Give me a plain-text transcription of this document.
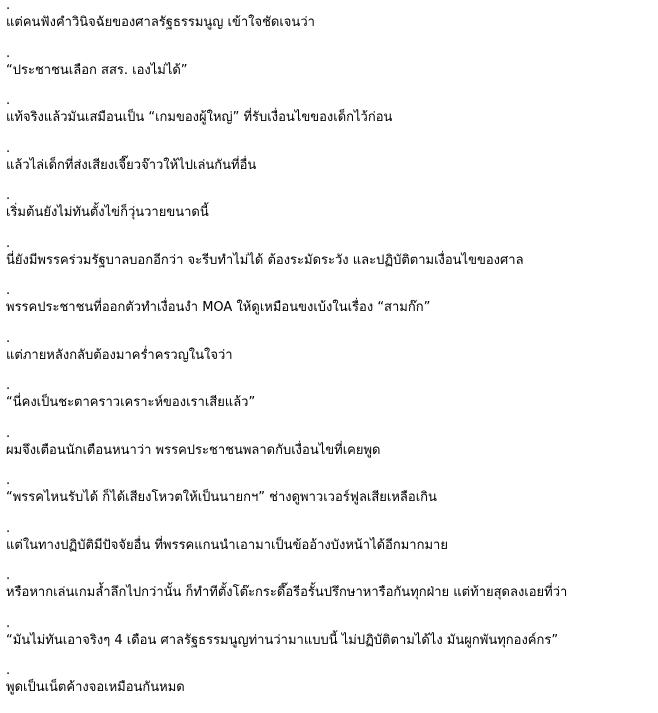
.
แต่คนฟังคำวินิจฉัยของศาลรัฐธรรมนูญ เข้าใจชัดเจนว่า
.
“ประชาชนเลือก สสร. เองไม่ได้”
.
แท้จริงแล้วมันเสมือนเป็น “เกมของผู้ใหญ่” ที่รับเงื่อนไขของเด็กไว้ก่อน
.
แล้วไล่เด็กที่ส่งเสียงเจี๊ยวจ๊าวให้ไปเล่นกันที่อื่น
.
เริ่มต้นยังไม่ทันตั้งไข่ก็วุ่นวายขนาดนี้
.
นี่ยังมีพรรคร่วมรัฐบาลบอกอีกว่า จะรีบทำไม่ได้ ต้องระมัดระวัง และปฏิบัติตามเงื่อนไขของศาล
.
พรรคประชาชนที่ออกตัวทำเงื่อนงำ MOA ให้ดูเหมือนขงเบ้งในเรื่อง “สามก๊ก”
.
แต่ภายหลังกลับต้องมาคร่ำครวญในใจว่า
.
“นี่คงเป็นชะตาคราวเคราะห์ของเราเสียแล้ว”
.
ผมจึงเตือนนักเตือนหนาว่า พรรคประชาชนพลาดกับเงื่อนไขที่เคยพูด
.
“พรรคไหนรับได้ ก็ได้เสียงโหวตให้เป็นนายกฯ” ช่างดูพาวเวอร์ฟูลเสียเหลือเกิน
.
แต่ในทางปฏิบัติมีปัจจัยอื่น ที่พรรคแกนนำเอามาเป็นข้ออ้างบังหน้าได้อีกมากมาย
.
หรือหากเล่นเกมล้ำลึกไปกว่านั้น ก็ทำทีตั้งโต๊ะกระดึ๊อรีอรั้นปรึกษาหารือกันทุกฝ่าย แต่ท้ายสุดลงเอยที่ว่า
.
“มันไม่ทันเอาจริงๆ 4 เดือน ศาลรัฐธรรมนูญท่านว่ามาแบบนี้ ไม่ปฏิบัติตามได้ไง มันผูกพันทุกองค์กร”
.
พูดเป็นเน็ตค้างจอเหมือนกันหมด
